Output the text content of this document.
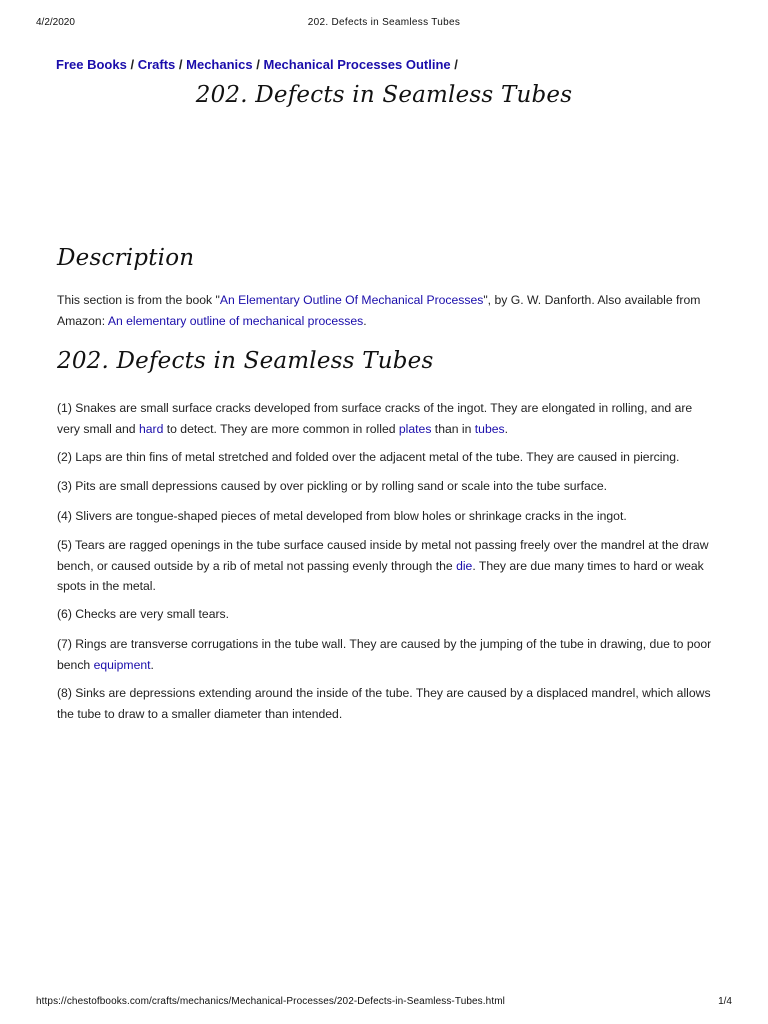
4/2/2020	202. Defects in Seamless Tubes
Free Books / Crafts / Mechanics / Mechanical Processes Outline /
202. Defects in Seamless Tubes
Description

This section is from the book "An Elementary Outline Of Mechanical Processes", by G. W. Danforth. Also available from Amazon: An elementary outline of mechanical processes.

202. Defects in Seamless Tubes

(1) Snakes are small surface cracks developed from surface cracks of the ingot. They are elongated in rolling, and are very small and hard to detect. They are more common in rolled plates than in tubes.

(2) Laps are thin fins of metal stretched and folded over the adjacent metal of the tube. They are caused in piercing.

(3) Pits are small depressions caused by over pickling or by rolling sand or scale into the tube surface.

(4) Slivers are tongue-shaped pieces of metal developed from blow holes or shrinkage cracks in the ingot.

(5) Tears are ragged openings in the tube surface caused inside by metal not passing freely over the mandrel at the draw bench, or caused outside by a rib of metal not passing evenly through the die. They are due many times to hard or weak spots in the metal.

(6) Checks are very small tears.

(7) Rings are transverse corrugations in the tube wall. They are caused by the jumping of the tube in drawing, due to poor bench equipment.

(8) Sinks are depressions extending around the inside of the tube. They are caused by a displaced mandrel, which allows the tube to draw to a smaller diameter than intended.

https://chestofbooks.com/crafts/mechanics/Mechanical-Processes/202-Defects-in-Seamless-Tubes.html	1/4
